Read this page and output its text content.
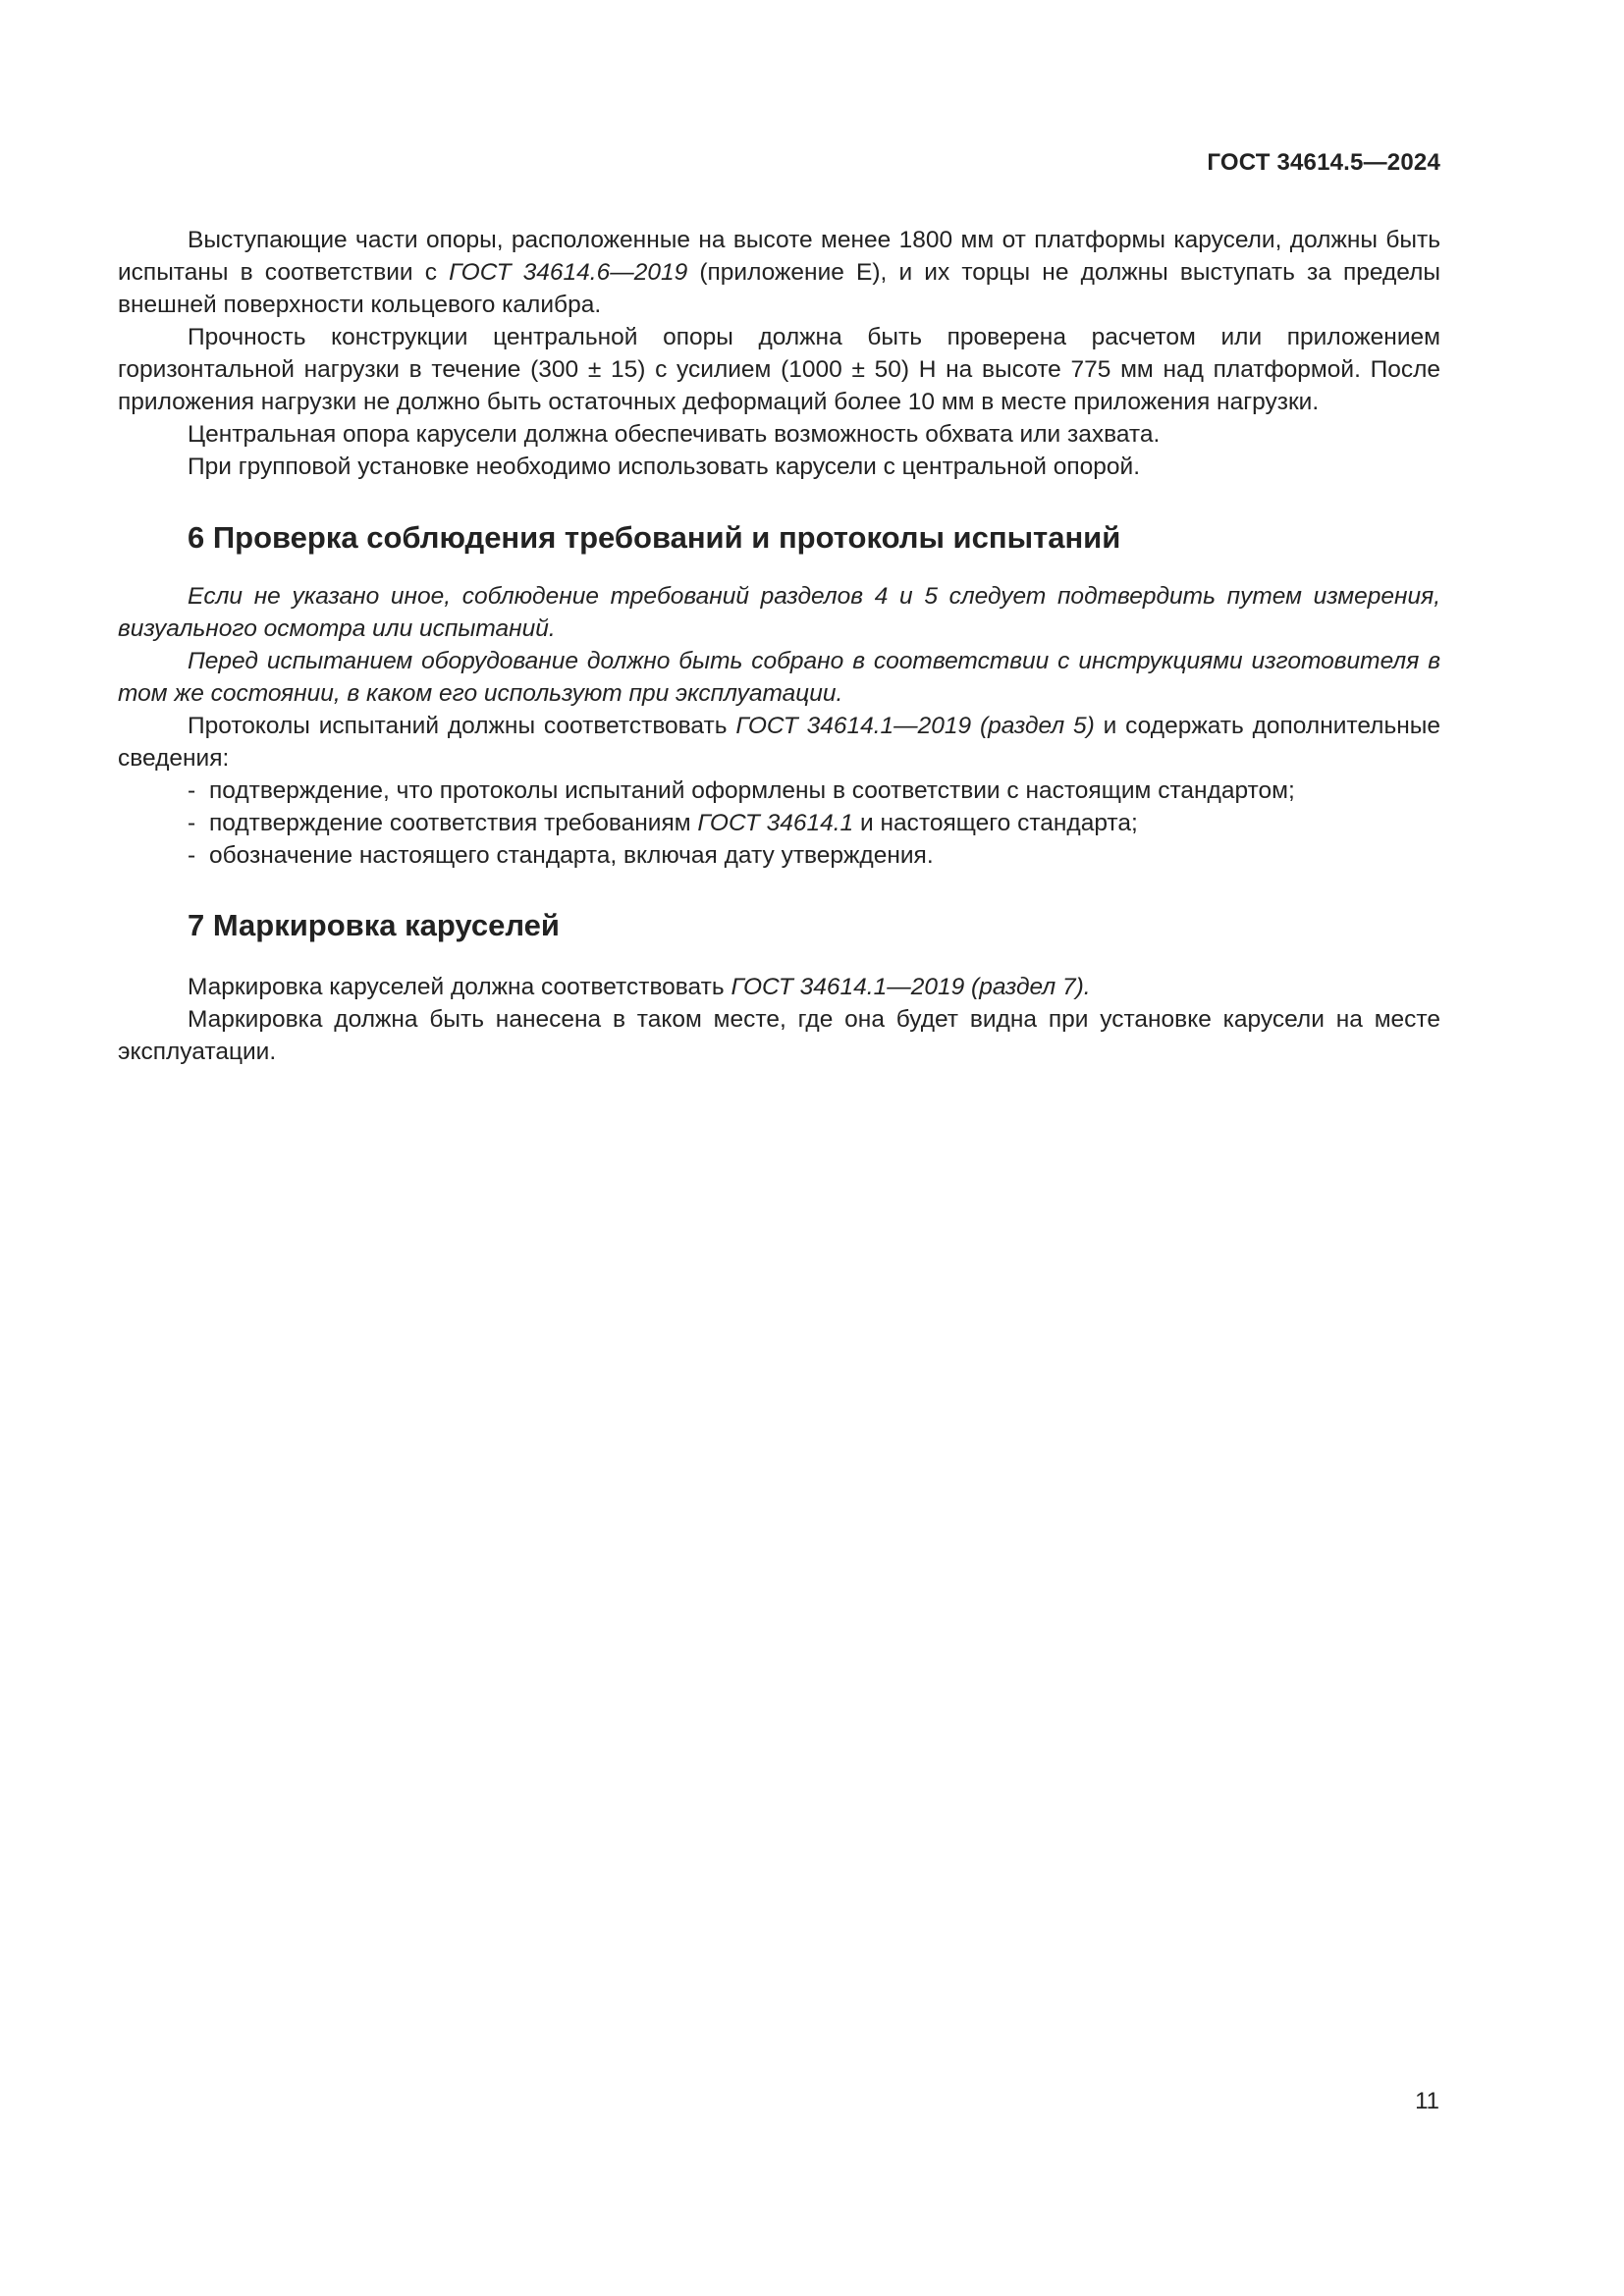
ГОСТ 34614.5—2024

Выступающие части опоры, расположенные на высоте менее 1800 мм от платформы карусели, должны быть испытаны в соответствии с ГОСТ 34614.6—2019 (приложение Е), и их торцы не должны выступать за пределы внешней поверхности кольцевого калибра.

Прочность конструкции центральной опоры должна быть проверена расчетом или приложением горизонтальной нагрузки в течение (300 ± 15) с усилием (1000 ± 50) Н на высоте 775 мм над платформой. После приложения нагрузки не должно быть остаточных деформаций более 10 мм в месте приложения нагрузки.

Центральная опора карусели должна обеспечивать возможность обхвата или захвата.

При групповой установке необходимо использовать карусели с центральной опорой.

6 Проверка соблюдения требований и протоколы испытаний

Если не указано иное, соблюдение требований разделов 4 и 5 следует подтвердить путем измерения, визуального осмотра или испытаний.

Перед испытанием оборудование должно быть собрано в соответствии с инструкциями изготовителя в том же состоянии, в каком его используют при эксплуатации.

Протоколы испытаний должны соответствовать ГОСТ 34614.1—2019 (раздел 5) и содержать дополнительные сведения:

- подтверждение, что протоколы испытаний оформлены в соответствии с настоящим стандартом;
- подтверждение соответствия требованиям ГОСТ 34614.1 и настоящего стандарта;
- обозначение настоящего стандарта, включая дату утверждения.
7 Маркировка каруселей

Маркировка каруселей должна соответствовать ГОСТ 34614.1—2019 (раздел 7).

Маркировка должна быть нанесена в таком месте, где она будет видна при установке карусели на месте эксплуатации.

11
